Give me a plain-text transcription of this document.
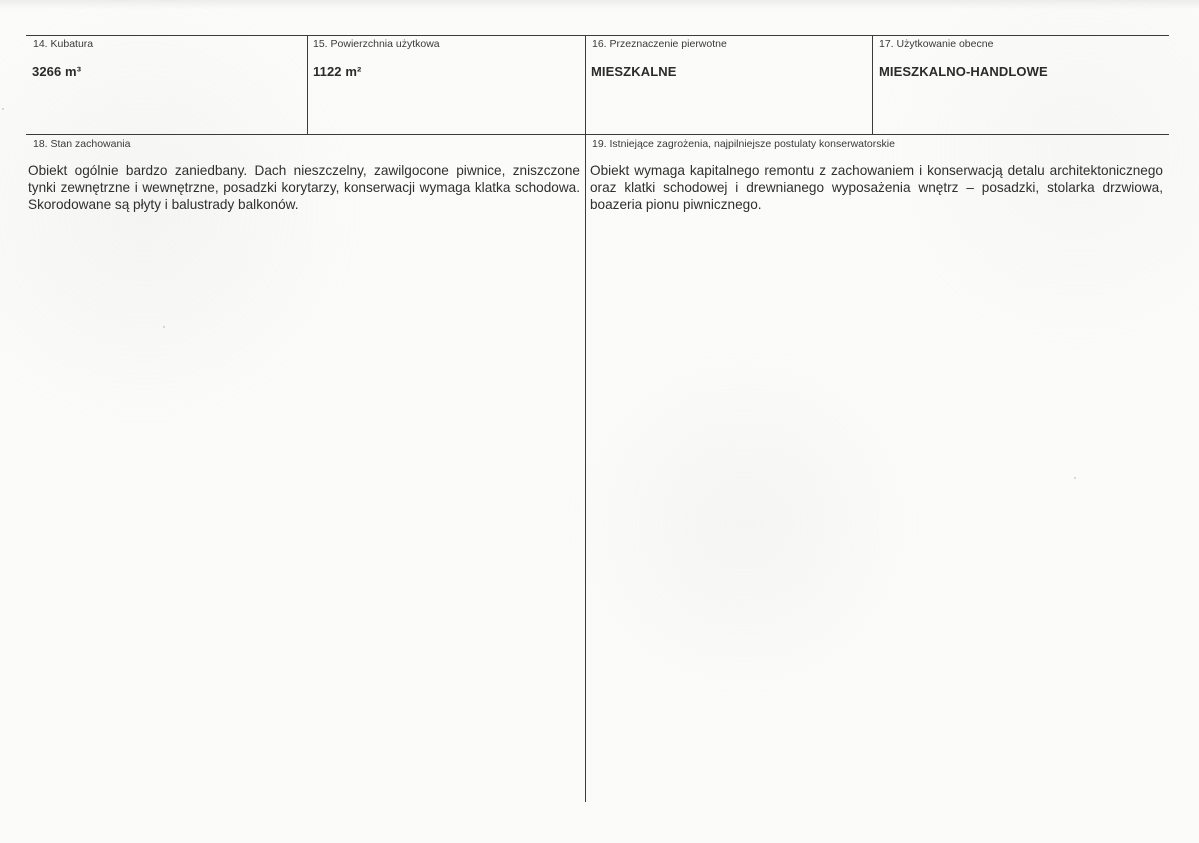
14. Kubatura
3266 m³
15. Powierzchnia użytkowa
1122 m²
16. Przeznaczenie pierwotne
MIESZKALNE
17. Użytkowanie obecne
MIESZKALNO-HANDLOWE
18. Stan zachowania
Obiekt ogólnie bardzo zaniedbany. Dach nieszczelny, zawilgocone piwnice, zniszczone tynki zewnętrzne i wewnętrzne, posadzki korytarzy, konserwacji wymaga klatka schodowa. Skorodowane są płyty i balustrady balkonów.
19. Istniejące zagrożenia, najpilniejsze postulaty konserwatorskie
Obiekt wymaga kapitalnego remontu z zachowaniem i konserwacją detalu architektonicznego oraz klatki schodowej i drewnianego wyposażenia wnętrz – posadzki, stolarka drzwiowa, boazeria pionu piwnicznego.
